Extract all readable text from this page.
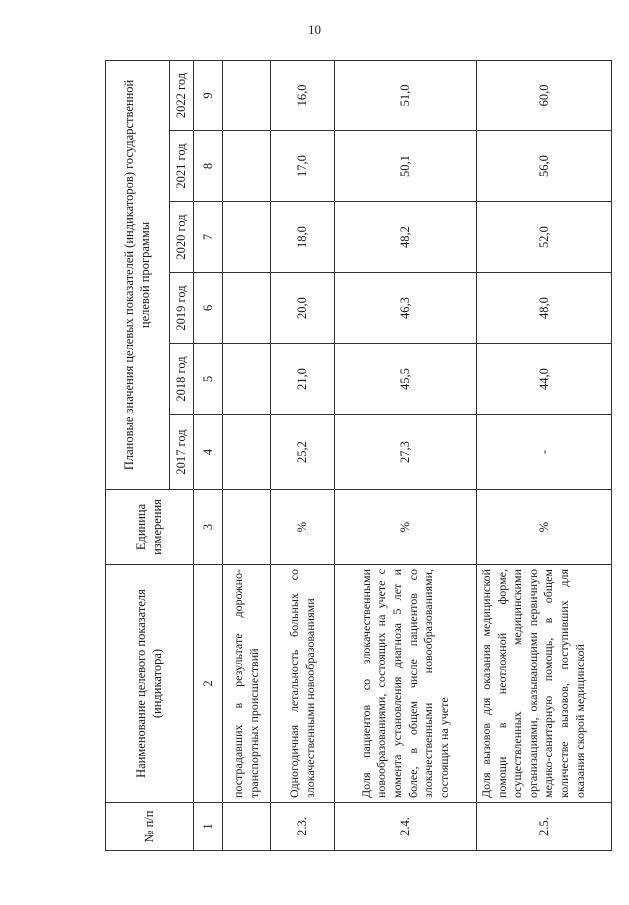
10
№ п/п	Наименование целевого показателя (индикатора)	Единица измерения	Плановые значения целевых показателей (индикаторов) государственной целевой программы					
			2017 год	2018 год	2019 год	2020 год	2021 год	2022 год
1	2	3	4	5	6	7	8	9
	пострадавших в результате дорожно-транспортных происшествий							
2.3.	Одногодичная летальность больных со злокачественными новообразованиями	%	25,2	21,0	20,0	18,0	17,0	16,0
2.4.	Доля пациентов со злокачественными новообразованиями, состоящих на учете с момента установления диагноза 5 лет и более, в общем числе пациентов со злокачественными новообразованиями, состоящих на учете	%	27,3	45,5	46,3	48,2	50,1	51,0
2.5.	Доля вызовов для оказания медицинской помощи в неотложной форме, осуществленных медицинскими организациями, оказывающими первичную медико-санитарную помощь, в общем количестве вызовов, поступивших для оказания скорой медицинской	%	-	44,0	48,0	52,0	56,0	60,0
